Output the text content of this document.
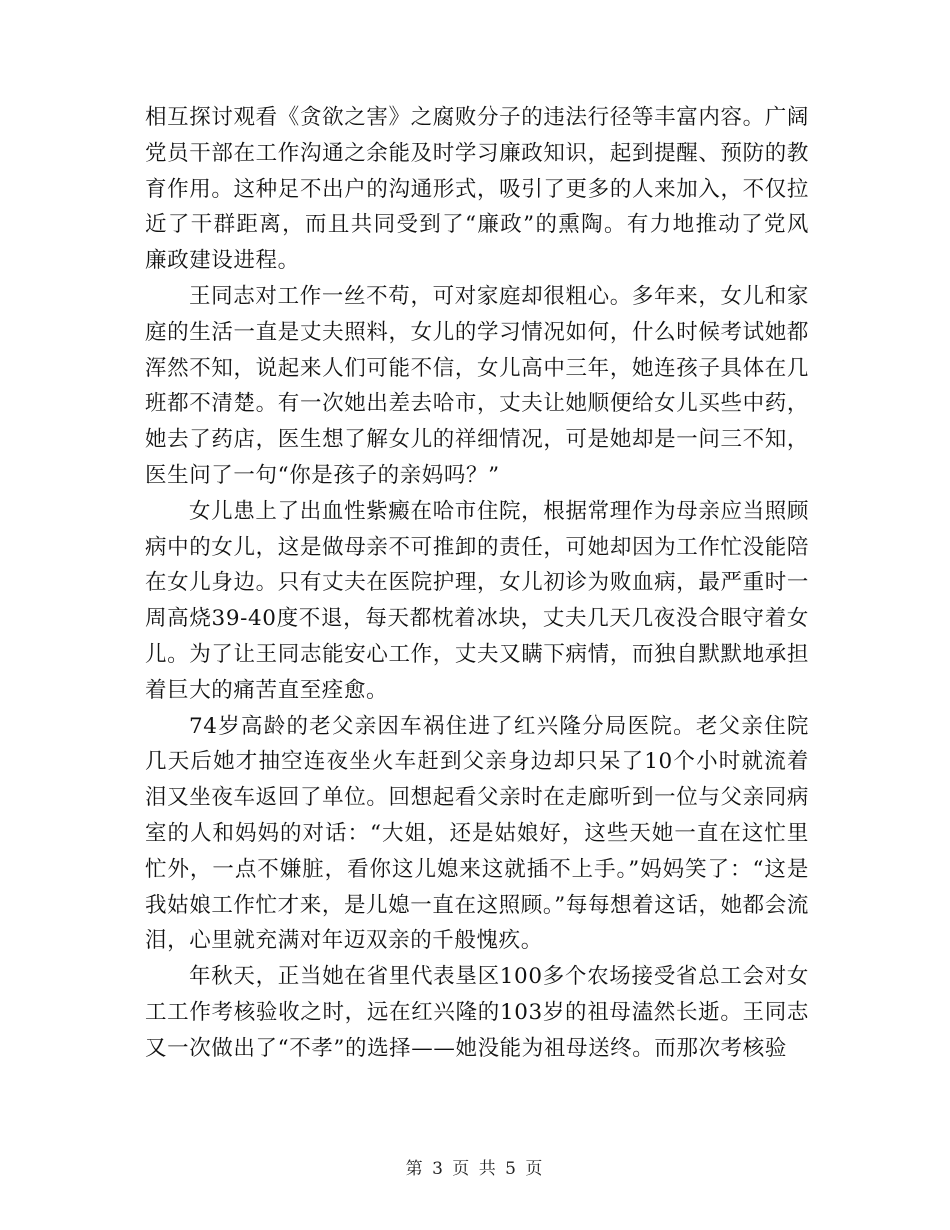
相互探讨观看《贪欲之害》之腐败分子的违法行径等丰富内容。广阔党员干部在工作沟通之余能及时学习廉政知识，起到提醒、预防的教育作用。这种足不出户的沟通形式，吸引了更多的人来加入，不仅拉近了干群距离，而且共同受到了“廉政”的熏陶。有力地推动了党风廉政建设进程。

王同志对工作一丝不苟，可对家庭却很粗心。多年来，女儿和家庭的生活一直是丈夫照料，女儿的学习情况如何，什么时候考试她都浑然不知，说起来人们可能不信，女儿高中三年，她连孩子具体在几班都不清楚。有一次她出差去哈市，丈夫让她顺便给女儿买些中药，她去了药店，医生想了解女儿的祥细情况，可是她却是一问三不知，医生问了一句“你是孩子的亲妈吗？”

女儿患上了出血性紫癜在哈市住院，根据常理作为母亲应当照顾病中的女儿，这是做母亲不可推卸的责任，可她却因为工作忙没能陪在女儿身边。只有丈夫在医院护理，女儿初诊为败血病，最严重时一周高烧39-40度不退，每天都枕着冰块，丈夫几天几夜没合眼守着女儿。为了让王同志能安心工作，丈夫又瞒下病情，而独自默默地承担着巨大的痛苦直至痊愈。

74岁高龄的老父亲因车祸住进了红兴隆分局医院。老父亲住院几天后她才抽空连夜坐火车赶到父亲身边却只呆了10个小时就流着泪又坐夜车返回了单位。回想起看父亲时在走廊听到一位与父亲同病室的人和妈妈的对话：“大姐，还是姑娘好，这些天她一直在这忙里忙外，一点不嫌脏，看你这儿媳来这就插不上手。”妈妈笑了：“这是我姑娘工作忙才来，是儿媳一直在这照顾。”每每想着这话，她都会流泪，心里就充满对年迈双亲的千般愧疚。

年秋天，正当她在省里代表垦区100多个农场接受省总工会对女工工作考核验收之时，远在红兴隆的103岁的祖母溘然长逝。王同志又一次做出了“不孝”的选择——她没能为祖母送终。而那次考核验

第 3 页 共 5 页
